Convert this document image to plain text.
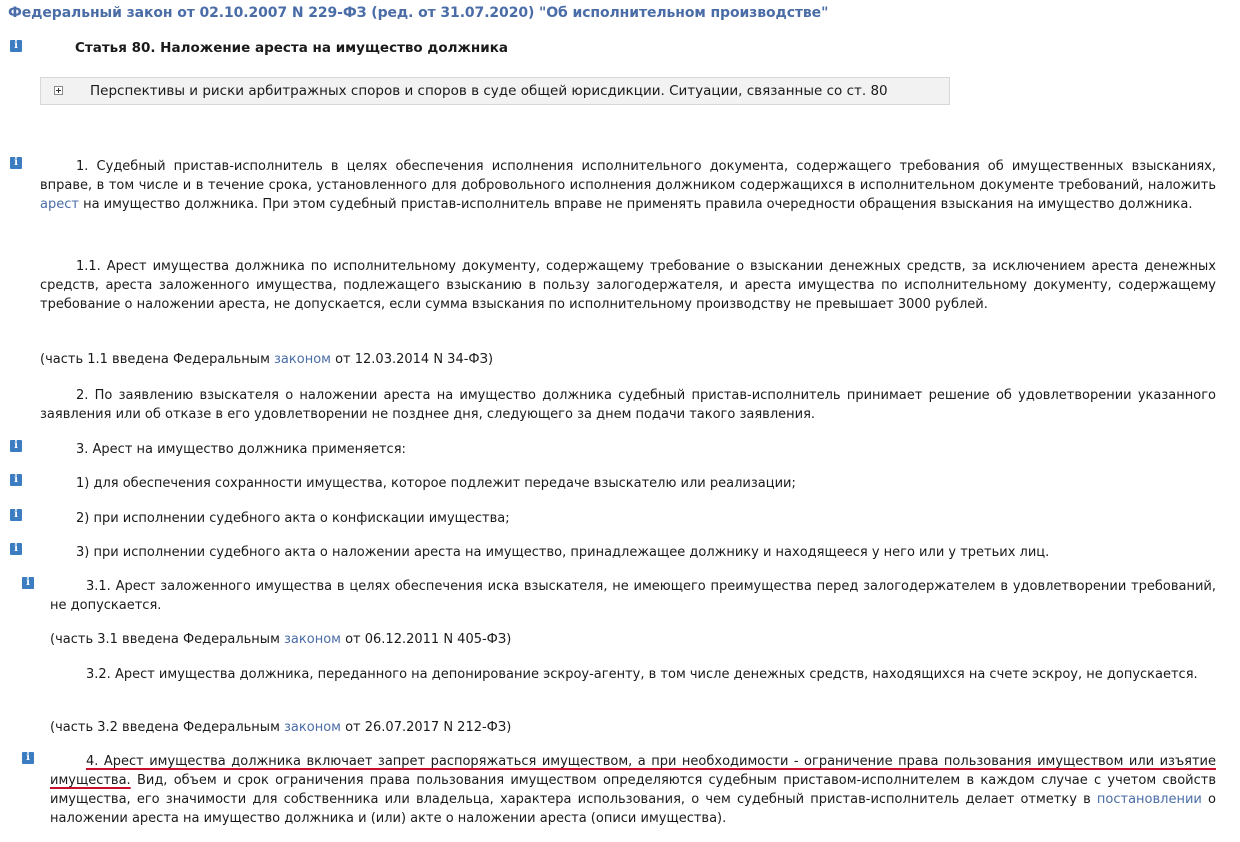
Федеральный закон от 02.10.2007 N 229-ФЗ (ред. от 31.07.2020) "Об исполнительном производстве"
i	Статья 80. Наложение ареста на имущество должника
Перспективы и риски арбитражных споров и споров в суде общей юрисдикции. Ситуации, связанные со ст. 80
i	1. Судебный пристав-исполнитель в целях обеспечения исполнения исполнительного документа, содержащего требования об имущественных взысканиях, вправе, в том числе и в течение срока, установленного для добровольного исполнения должником содержащихся в исполнительном документе требований, наложить арест на имущество должника. При этом судебный пристав-исполнитель вправе не применять правила очередности обращения взыскания на имущество должника.
1.1. Арест имущества должника по исполнительному документу, содержащему требование о взыскании денежных средств, за исключением ареста денежных средств, ареста заложенного имущества, подлежащего взысканию в пользу залогодержателя, и ареста имущества по исполнительному документу, содержащему требование о наложении ареста, не допускается, если сумма взыскания по исполнительному производству не превышает 3000 рублей.
(часть 1.1 введена Федеральным законом от 12.03.2014 N 34-ФЗ)
2. По заявлению взыскателя о наложении ареста на имущество должника судебный пристав-исполнитель принимает решение об удовлетворении указанного заявления или об отказе в его удовлетворении не позднее дня, следующего за днем подачи такого заявления.
i	3. Арест на имущество должника применяется:
i	1) для обеспечения сохранности имущества, которое подлежит передаче взыскателю или реализации;
i	2) при исполнении судебного акта о конфискации имущества;
i	3) при исполнении судебного акта о наложении ареста на имущество, принадлежащее должнику и находящееся у него или у третьих лиц.
i	3.1. Арест заложенного имущества в целях обеспечения иска взыскателя, не имеющего преимущества перед залогодержателем в удовлетворении требований, не допускается.
(часть 3.1 введена Федеральным законом от 06.12.2011 N 405-ФЗ)
3.2. Арест имущества должника, переданного на депонирование эскроу-агенту, в том числе денежных средств, находящихся на счете эскроу, не допускается.
(часть 3.2 введена Федеральным законом от 26.07.2017 N 212-ФЗ)
i	4. Арест имущества должника включает запрет распоряжаться имуществом, а при необходимости - ограничение права пользования имуществом или изъятие имущества. Вид, объем и срок ограничения права пользования имуществом определяются судебным приставом-исполнителем в каждом случае с учетом свойств имущества, его значимости для собственника или владельца, характера использования, о чем судебный пристав-исполнитель делает отметку в постановлении о наложении ареста на имущество должника и (или) акте о наложении ареста (описи имущества).
